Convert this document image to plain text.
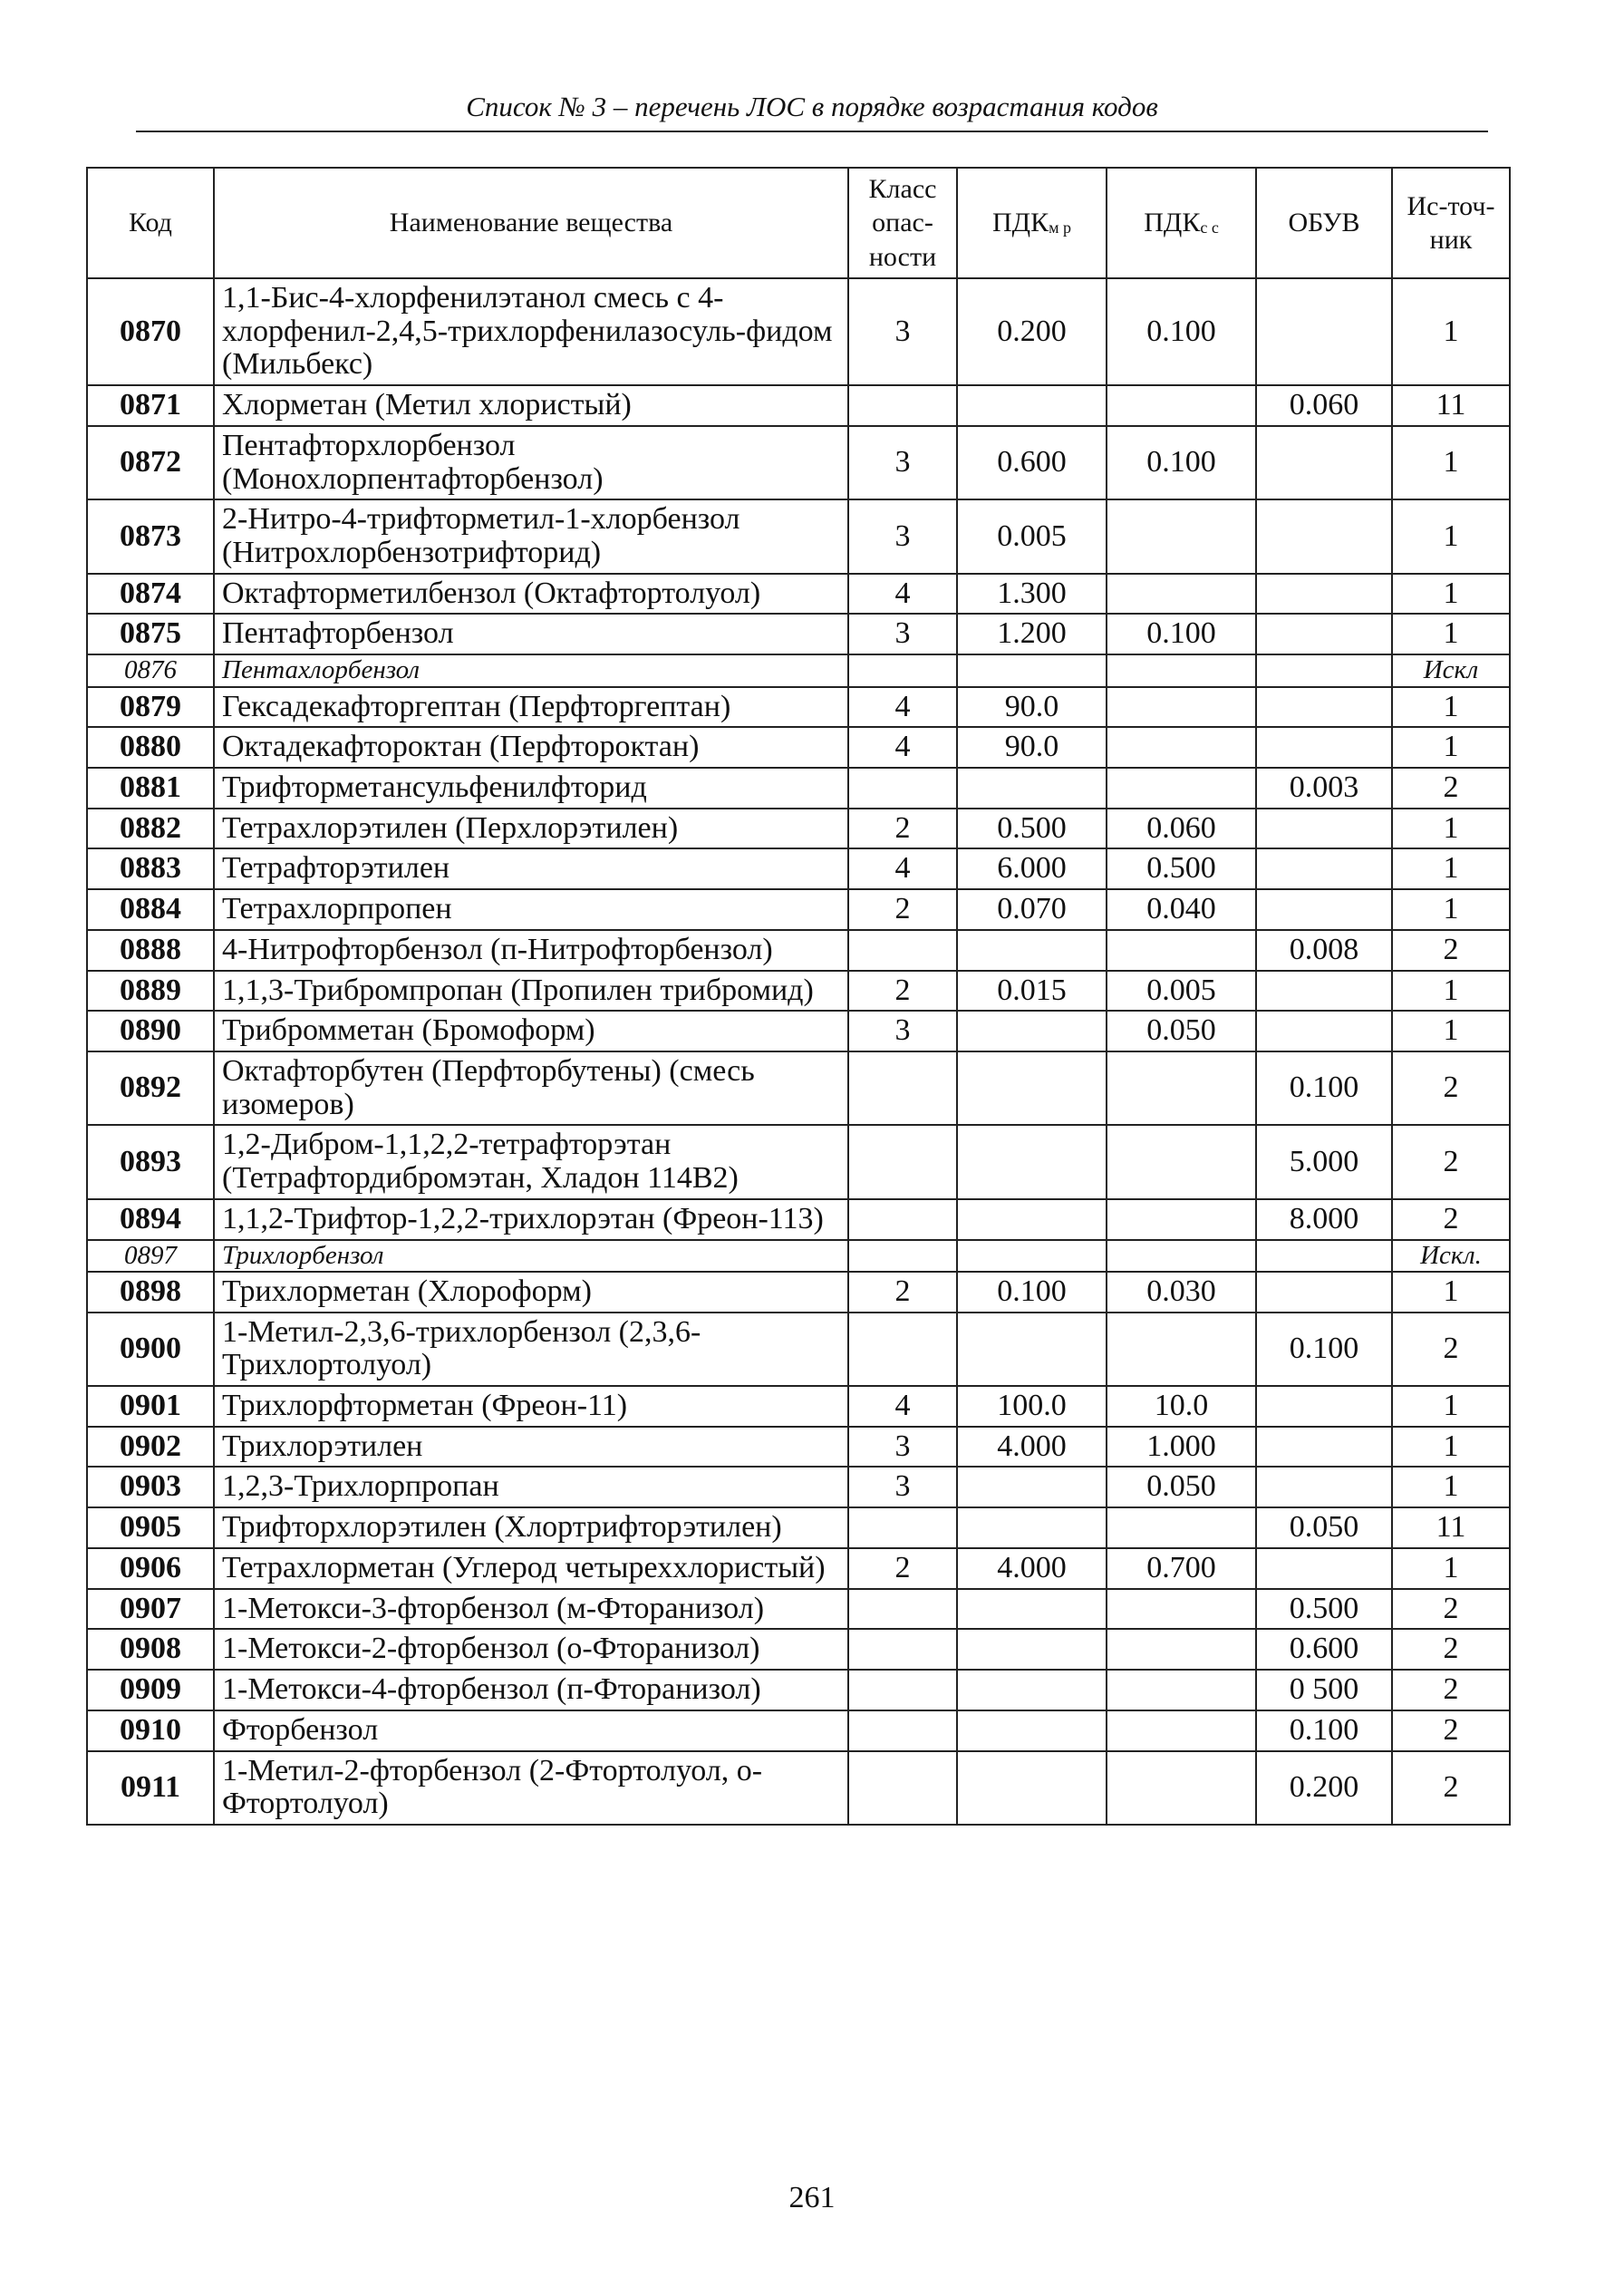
Список № 3 – перечень ЛОС в порядке возрастания кодов
Код	Наименование вещества	Класс опас-ности	ПДКм р	ПДКс с	ОБУВ	Ис-точ-ник
0870	1,1-Бис-4-хлорфенилэтанол смесь с 4-хлорфенил-2,4,5-трихлорфенилазосуль-фидом (Мильбекс)	3	0.200	0.100		1
0871	Хлорметан (Метил хлористый)				0.060	11
0872	Пентафторхлорбензол (Монохлорпентафторбензол)	3	0.600	0.100		1
0873	2-Нитро-4-трифторметил-1-хлорбензол (Нитрохлорбензотрифторид)	3	0.005			1
0874	Октафторметилбензол (Октафтортолуол)	4	1.300			1
0875	Пентафторбензол	3	1.200	0.100		1
0876	Пентахлорбензол					Искл
0879	Гексадекафторгептан (Перфторгептан)	4	90.0			1
0880	Октадекафтороктан (Перфтороктан)	4	90.0			1
0881	Трифторметансульфенилфторид				0.003	2
0882	Тетрахлорэтилен (Перхлорэтилен)	2	0.500	0.060		1
0883	Тетрафторэтилен	4	6.000	0.500		1
0884	Тетрахлорпропен	2	0.070	0.040		1
0888	4-Нитрофторбензол (п-Нитрофторбензол)				0.008	2
0889	1,1,3-Трибромпропан (Пропилен трибромид)	2	0.015	0.005		1
0890	Трибромметан (Бромоформ)	3		0.050		1
0892	Октафторбутен (Перфторбутены) (смесь изомеров)				0.100	2
0893	1,2-Дибром-1,1,2,2-тетрафторэтан (Тетрафтордибромэтан, Хладон 114В2)				5.000	2
0894	1,1,2-Трифтор-1,2,2-трихлорэтан (Фреон-113)				8.000	2
0897	Трихлорбензол					Искл.
0898	Трихлорметан (Хлороформ)	2	0.100	0.030		1
0900	1-Метил-2,3,6-трихлорбензол (2,3,6-Трихлортолуол)				0.100	2
0901	Трихлорфторметан (Фреон-11)	4	100.0	10.0		1
0902	Трихлорэтилен	3	4.000	1.000		1
0903	1,2,3-Трихлорпропан	3		0.050		1
0905	Трифторхлорэтилен (Хлортрифторэтилен)				0.050	11
0906	Тетрахлорметан (Углерод четыреххлористый)	2	4.000	0.700		1
0907	1-Метокси-3-фторбензол (м-Фторанизол)				0.500	2
0908	1-Метокси-2-фторбензол (о-Фторанизол)				0.600	2
0909	1-Метокси-4-фторбензол (п-Фторанизол)				0 500	2
0910	Фторбензол				0.100	2
0911	1-Метил-2-фторбензол (2-Фтортолуол, о-Фтортолуол)				0.200	2
261
